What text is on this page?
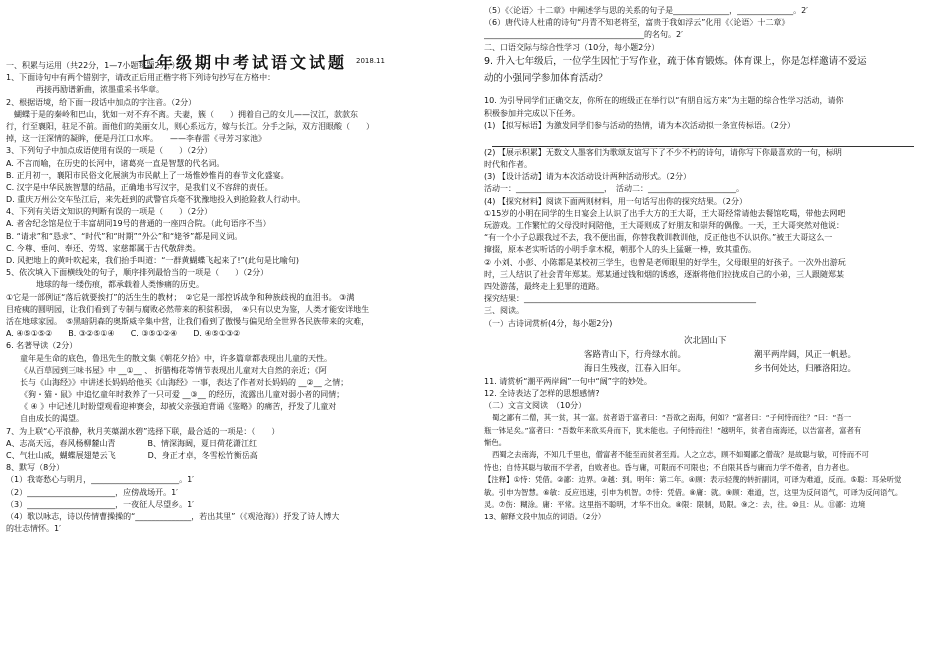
七年级期中考试语文试题 2018.11
一、积累与运用（共22分，1—7小题每题2分，）
1、下面诗句中有两个错别字，请改正后用正楷字将下列诗句抄写在方格中：
再接再励谱新曲，浓墨重采书华章。
2、根据语境，给下面一段话中加点的字注音。（2分）
蝴蝶于是的秦岭和巴山，犹如一对不弃不离。夫妻，簇（　　）拥着自己的女儿——汉江，款款东
行，行至襄阳，驻足不前。面他们的美丽女儿，则心系远方，嫁与长江。分手之际，双方泪眼酸（　　）
掉，这一汪深情的凝眸，便是丹江口水库。　　——李春雷《寻芳习家池》
3、下列句子中加点成语使用有误的一项是（　　）（2分）
A. 不言而喻，在历史的长河中，诸葛亮一直是智慧的代名词。
B. 正月初一，襄阳市民俗文化展演为市民献上了一场惟妙惟肖的春节文化盛宴。
C. 汉字是中华民族智慧的结晶，正确地书写汉字，是我们义不容辞的责任。
D. 重庆万州公交车坠江后，来先赶到的武警官兵毫不犹豫地投入到抢险救人行动中。
4、下列有关语文知识的判断有误的一项是（　　）（2分）
A. 者舍纪念馆是位于丰富胡同19号的普通的一座四合院。（此句语序不当）
B. “请求”和“恳求”、“时代”和“时期”“外公”和“姥爷”都是同义词。
C. 今尊、垂问、奉还、劳驾、家慈都属于古代敬辞类。
D. 风把地上的黄叶吹起来，我们抬手叫道：“一群黄蝴蝶飞起来了!”(此句是比喻句)
5、依次填入下面横线处的句子，顺序排列最恰当的一项是（　　）（2分）
地球的每一缕伤痕，都承载着人类惨痛的历史。
①它是一部例证“落后就要挨打”的活生生的教材；　②它是一部控诉战争和种族歧视的血泪书。 ③满
目疮痍的圆明园，让我们看到了专制与腐败必然带来的积贫积弱，　④只有以史为鉴，人类才能安详地生
活在地球家园。　⑤黑暗阴森的奥斯威辛集中营，让我们看到了傲慢与偏见给全世界各民族带来的灾难，
A. ④⑤①⑤②　　B. ③②⑤①④　　C. ③⑤①②④　　D. ④⑤①③②
6. 名著导读（2分）
童年是生命的底色，鲁迅先生的散文集《朝花夕拾》中，许多篇章都表现出儿童的天性。
《从百草园到三味书屋》中 __①__ 、 折腊梅花等情节表现出儿童对大自然的亲近；《阿
长与《山海经》》中讲述长妈妈给他买《山海经》一事，表达了作者对长妈妈的 __②__ 之情；
《狗・猫・鼠》中追忆童年时救养了一只可爱 __③__ 的经历，流露出儿童对弱小者的同情；
《 ④ 》中记述儿时盼望观看迎神赛会，却被父亲强迫背诵《鉴略》的痛苦，抒发了儿童对
自由成长的渴望。
7、为上联“心平浪静，秋月芙蕖湖水碧”选择下联，最合适的一项是：（　　）
A、志高天远，春风杨柳麓山青　　　　B、情深海阔，夏日荷花潇江红
C、气壮山威，蝴蝶展翅楚云飞　　　　D、身正才卓，冬雪松竹衡岳高
8、默写（8分）
（1）我寄愁心与明月，______________________。1′
（2）______________________，应傍战场开。1′
（3）______________________，一夜征人尽望乡。1′
（4）歌以咏志，诗以传情曹操操的“______________，若出其里”（《观沧海》）抒发了诗人博大
的壮志情怀。1′
（5）《〈论语〉十二章》中阐述学与思的关系的句子是______________，______________。2′
（6）唐代诗人杜甫的诗句“丹青不知老将至，富贵于我如浮云”化用《〈论语〉十二章》
________________________________________的名句。2′
二、口语交际与综合性学习（10分，每小题2分）
9. 升入七年级后，一位学生因忙于写作业，疏于体育锻炼。体育课上，你是怎样邀请不爱运
动的小强同学参加体育活动？
10. 为引导同学们正确交友，你所在的班级正在举行以“有朋自远方来”为主题的综合性学习活动，请你
积极参加并完成以下任务。
(1) 【拟写标语】为激发同学们参与活动的热情，请为本次活动拟一条宣传标语。（2分）
(2) 【展示积累】无数文人墨客们为歌颂友谊写下了不少不朽的诗句，请你写下你最喜欢的一句，标明
时代和作者。
(3) 【设计活动】请为本次活动设计两种活动形式。（2分）
活动一：______________________，　活动二：______________________。
(4) 【探究材料】阅读下面两则材料，用一句话写出你的探究结果。（2分）
①15岁的小明在同学的生日宴会上认识了出手大方的王大哥，王大哥经常请他去餐馆吃喝，带他去网吧
玩游戏。工作繁忙的父母没时间陪他，王大哥则成了好朋友和崇拜的偶像。一天，王大哥突然对他说：
“有一个小子总跟我过不去，我不便出面，你替我教训教训他，反正他也不认识你。”被王大哥这么一
撺掇，原本老实听话的小明手拿木棍，朝那个人的头上猛砸一棒，致其重伤。
② 小刘、小彭、小陈都是某校初三学生，也曾是老师眼里的好学生，父母眼里的好孩子。一次外出游玩
时，三人结识了社会青年郑某。郑某通过钱和烟的诱惑，逐渐将他们拉拢成自己的小弟，三人跟随郑某
四处游荡，最终走上犯罪的道路。
探究结果：__________________________________________________________
三、阅读。
（一）古诗词赏析(4分，每小题2分)
次北固山下
客路青山下，行舟绿水前。	潮平两岸阔，风正一帆悬。
海日生残夜，江春入旧年。	乡书何处达，归雁洛阳边。
11. 请赏析“潮平两岸阔”一句中“阔”字的妙处。
12. 全诗表达了怎样的思想感情?
（二）文言文阅读　（10分）
蜀之鄙有二僧，其一贫，其一富。贫者语于富者曰：“吾欲之南海，何如？”富者曰：“子何恃而往？”曰：“吾一
瓶一钵足矣。”富者曰：“吾数年来欲买舟而下，犹未能也。子何恃而往！”越明年，贫者自南海还，以告富者，富者有
惭色。
西蜀之去南海，不知几千里也，僧富者不能至而贫者至焉。人之立志，顾不如蜀鄙之僧哉？是故聪与敏，可恃而不可
恃也；自恃其聪与敏而不学者，自败者也。昏与庸，可限而不可限也；不自限其昏与庸而力学不倦者，自力者也。
【注释】①恃：凭借。②鄙：边界。③越：到。明年：第二年。④顾：表示轻蔑的转折副词，可译为难道，反而。⑤聪：耳朵听觉
敏。引申为智慧。⑥敏：反应迅速，引申为机智。⑦恃：凭借。⑧庸：就。⑨顾：难道，岂，这里为反问语气，可译为反问语气。
灵。⑦伤：糊涂。庸：平常。这里指不聪明，才华不出众。⑧限：限制，局限。⑨之：去，往。⑩且：从。⑪鄙：边境
13、解释文段中加点的词语。（2分）
